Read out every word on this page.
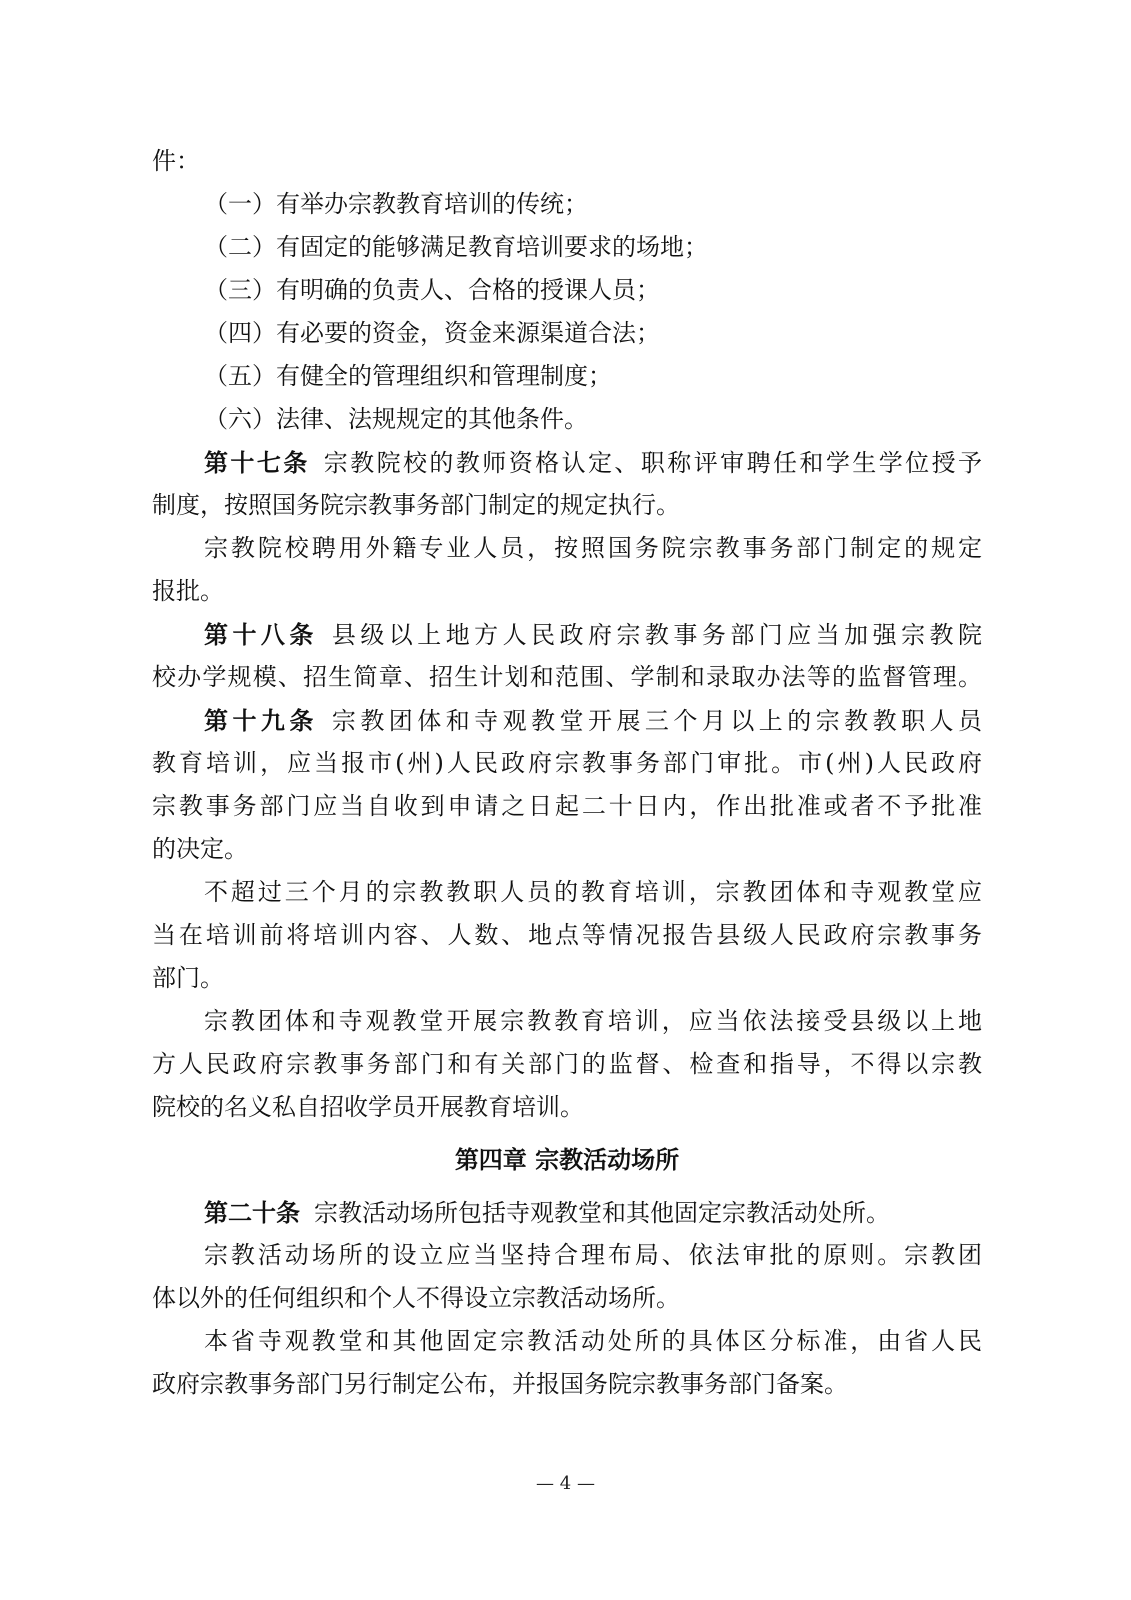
件：
（一）有举办宗教教育培训的传统；
（二）有固定的能够满足教育培训要求的场地；
（三）有明确的负责人、合格的授课人员；
（四）有必要的资金，资金来源渠道合法；
（五）有健全的管理组织和管理制度；
（六）法律、法规规定的其他条件。
第十七条 宗教院校的教师资格认定、职称评审聘任和学生学位授予
制度，按照国务院宗教事务部门制定的规定执行。
宗教院校聘用外籍专业人员，按照国务院宗教事务部门制定的规定
报批。
第十八条 县级以上地方人民政府宗教事务部门应当加强宗教院
校办学规模、招生简章、招生计划和范围、学制和录取办法等的监督管理。
第十九条 宗教团体和寺观教堂开展三个月以上的宗教教职人员
教育培训，应当报市(州)人民政府宗教事务部门审批。市(州)人民政府
宗教事务部门应当自收到申请之日起二十日内，作出批准或者不予批准
的决定。
不超过三个月的宗教教职人员的教育培训，宗教团体和寺观教堂应
当在培训前将培训内容、人数、地点等情况报告县级人民政府宗教事务
部门。
宗教团体和寺观教堂开展宗教教育培训，应当依法接受县级以上地
方人民政府宗教事务部门和有关部门的监督、检查和指导，不得以宗教
院校的名义私自招收学员开展教育培训。
第四章 宗教活动场所
第二十条 宗教活动场所包括寺观教堂和其他固定宗教活动处所。
宗教活动场所的设立应当坚持合理布局、依法审批的原则。宗教团
体以外的任何组织和个人不得设立宗教活动场所。
本省寺观教堂和其他固定宗教活动处所的具体区分标准，由省人民
政府宗教事务部门另行制定公布，并报国务院宗教事务部门备案。
— 4 —
